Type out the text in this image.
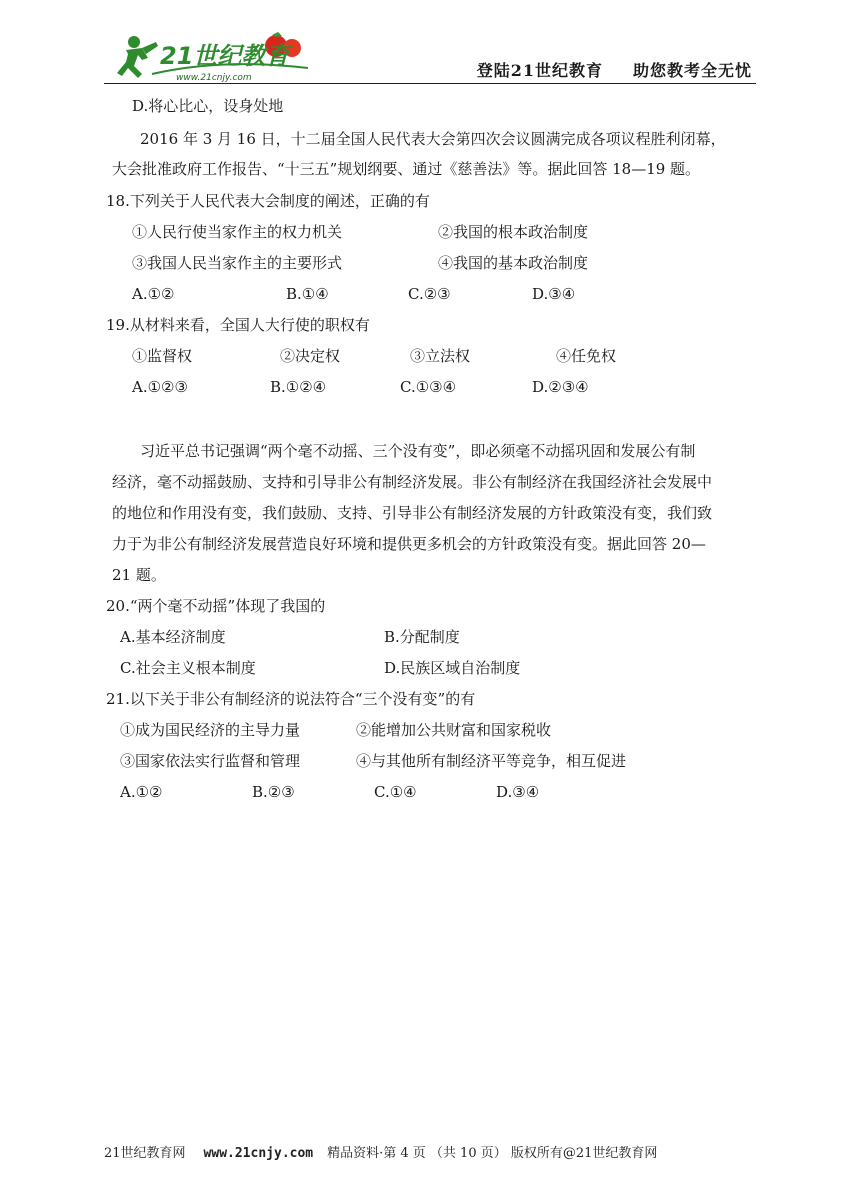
21世纪教育
www.21cnjy.com	登陆21世纪教育 助您教考全无忧
D.将心比心，设身处地
2016 年 3 月 16 日，十二届全国人民代表大会第四次会议圆满完成各项议程胜利闭幕，
大会批准政府工作报告、“十三五”规划纲要、通过《慈善法》等。据此回答 18—19 题。
18.下列关于人民代表大会制度的阐述，正确的有
①人民行使当家作主的权力机关	②我国的根本政治制度
③我国人民当家作主的主要形式	④我国的基本政治制度
A.①②	B.①④	C.②③	D.③④
19.从材料来看，全国人大行使的职权有
①监督权	②决定权	③立法权	④任免权
A.①②③	B.①②④	C.①③④	D.②③④
习近平总书记强调“两个毫不动摇、三个没有变”，即必须毫不动摇巩固和发展公有制
经济，毫不动摇鼓励、支持和引导非公有制经济发展。非公有制经济在我国经济社会发展中
的地位和作用没有变，我们鼓励、支持、引导非公有制经济发展的方针政策没有变，我们致
力于为非公有制经济发展营造良好环境和提供更多机会的方针政策没有变。据此回答 20—
21 题。
20.“两个毫不动摇”体现了我国的
A.基本经济制度	B.分配制度
C.社会主义根本制度	D.民族区域自治制度
21.以下关于非公有制经济的说法符合“三个没有变”的有
①成为国民经济的主导力量	②能增加公共财富和国家税收
③国家依法实行监督和管理	④与其他所有制经济平等竞争，相互促进
A.①②	B.②③	C.①④	D.③④
21世纪教育网 www.21cnjy.com 精品资料·第 4 页 （共 10 页） 版权所有@21世纪教育网
